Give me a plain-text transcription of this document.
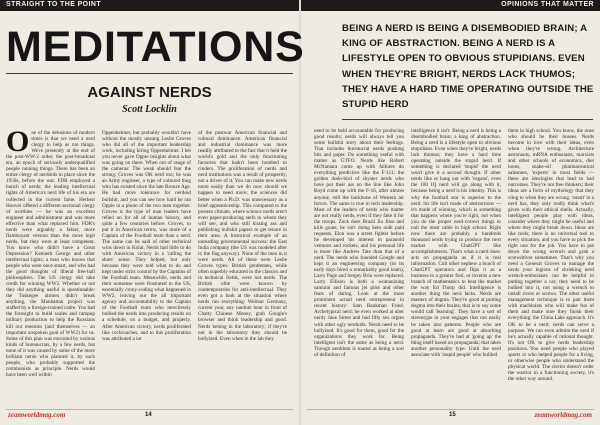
STRAIGHT TO THE POINT	OPINIONS THAT MATTER
MEDITATIONS
AGAINST NERDS
Scott Locklin
One of the delusions of modern times is that we need a nerd clergy to help us run things. We're presently at the end of the post-WW-2 order, the post-broadcast era, an epoch of seriously underqualified people running things. There has been an entire clergy of nerdoids in place since the 1950s, before the war. FDR employed a bunch of nerds; the leading intellectual lights of America's nerd life of his era are collected in the current fame. Herbert Hoover offered a different sectional clergy of worthies — he was an excellent engineer and administrator and was more effective than what replaced him. FDR's nerds were arguably a fakier, more flamboyant version than the more legit nerds, but they were at least competent. You know who didn't have a Great Depression? Kenneth George and other intellectual lights; a man who knows that people who were once smart, and who had the good thoughts of liberal free-ball philosophers. The US clergy did take credit for winning WW2. Whether or not they did anything useful is questionable: the Tuskegee airmen didn't break anything, the Manhattan project was staffed by a foreign-trained cadre. You had the foresight to build scales and rampup military production to help the Russians kill our enemies (and themselves — an important unspoken goal of WW2) for us. Some of this plan was executed by various kinds of bureaucrats, by a few nerds, but none of it was caused by some of the more brilliant nerds who planned it, by such people, who probably supported the communists as principle. Nerds would have been well within
Oppenheimer, but probably wouldn't have without the mostly unsung Leslie Groves who did all of the important leadership work, including hiring Oppenheimer. I bet you never gave Oppie insights about what was going on there. When out of range of the cameras: The weak should fear the strong. Groves was OK nerd too; he was an Army engineer, a type of cultured thug who has existed since the late Bronze Age. He had more tolerance for nerdoid bullshit, and you can see how hard he ran Oppie in a photo of the two men together. Groves is the type of man leaders have relied on for all of human history, and quite a few centuries before. Groves, to put it in American terms, was more of a Captain of the Football team than a nerd. The same can be said of other technical wins down in Kolat, Nerds had little to do with American victory in a 'calling the shots' sense. They helped, but only because they were told what to do and kept under strict control by the Captains of the Football team. Meanwhile, nerds and their nonsense were frustrated in the US, essentially crony-coding what happened in WW2, leaving out the all important agency and accountability to the Captain of the Football team who mercilessly bullied the nerds into producing results on a schedule, on a budget, and properly. After American victory, nerds proliferated like cockroaches, and to this proliferation was attributed a lot
of the postwar American financial and cultural dominance. American financial and industrial dominance was more readily attributed to the fact that it held the world's gold and the only functioning factories that hadn't been bombed to cinders. The proliferation of nerds and nerd institutions was a result of prosperity, not a driver of it. You can make new nerds more easily than we do now should we happen to need more; the sciences did better when a Ph.D. was unnecessary as a brief apprenticeship. This compared to the present climate, where science nerds aren't even paper-producing serfs to whom they will see, and who still kissing ass and publishing bullshit papers to get tenure in their area. A historical example of an unreading governmental success: the East India company (the US was modeled after it; the flag anyway). None of the men in it were nerds. All of these were Leslie Groves types: British gentlemen, while often superbly educated in the classics and in technical fields, were not nerds. The British elite were known by contemporaries for anti-intellectual. They even got a look at the situation where nerds run everything: Weimar Germany, current year, any random hour in front of Chatty Chinese Money, grab Google's browser and think leadership and good. Nerds belong in the laboratory; if they're not in the laboratory they should be bullyized. Even when in the lab they
BEING A NERD IS BEING A DISEMBODIED BRAIN; A KING OF ABSTRACTION. BEING A NERD IS A LIFESTYLE OPEN TO OBVIOUS STUPIDIANS. EVEN WHEN THEY'RE BRIGHT, NERDS LACK THUMOS; THEY HAVE A HARD TIME OPERATING OUTSIDE THE STUPID HERD
need to be held accountable for producing good results; nerds will always tell you some bullshit story about their feelings. That includes bureaucrat nerds pushing bits and paper. Do something useful with matter as GTFO. Nerds like Robert McNamara come up with failures do everything predictive like the F-111; the golden dodo-bird of shyster nerds who have put their ass on the line like John Boyd come up with the F-16, after almost anyone, still the backbone of Western air forces. The same is true in tech leadership. Most of the leaders of nerds who matter are not really nerds, even if they fake it for the troops. Zuck does Brazil Jiu Jitsu and kills goats; he isn't doing keto oolk paid requests. Elon was a street fighter before he developed his interest in paranoid ventures and rockets, and his personal life is more like Andrew Tate than that of a nerd. The nerds who founded Google and kept it an engineering company (in its early days hired a remarkably good team), Larry Page and Sergey Brin were replaced. Larry Ellison is both a womanizing samurai and famous jet pilot and other feats of daring. Look at the most prominent actual nerd entrepreneur in recent history: Sam Bankman Fried. Archetypical nerd; he even worked at uber nerdy Jane Street and had fifty sex orgies with other ugly nerdoids. Nerds need to be bullyized. It's good for them, good for the organizations they work for. Being intelligent isn't the same as being a nerd. Though nerddom is touted as being a sort of definition of
intelligence it isn't. Being a nerd is being a disembodied brain; a king of abstraction. Being a nerd is a lifestyle open to obvious stupidians. Even when they're bright, nerds lack thumos; they have a hard time operating outside the stupid herd. If something is declared 'stupid' the nerd won't give it a second thought. If other nerds like or hang out with 'vegans', even the 100 IQ nerd will go along with it, because being a nerd is his identity. This is why the football star is superior to the nerd: his life isn't made of abstractions — it's made of winning, which is something that happens where you're right, not when you do the proper nerd-correct things to nail the most cable in high school. Right now there are probably a hundreds thousand nerds trying to produce the next market with ChatGPT like accomplishments. That's what a nerd does: acts on propaganda as if it is real information. Cult other nephew a bunch of ChatGPT operators and flips it as a business to a greater fool, or invents a new branch of mathematics to beat the market the way Ed Thorp did. Intelligence is another thing the nerd lacks. Nerds are masters of dogma. They're good at putting dogma into their brains; that is to say some would call 'learning'. They have a sort of stereotype in your engages that can easily be taken into patterns. People who are good at learn are good at absorbing propaganda. They're bad at 'going up' the thing itself based on propaganda; that takes another personality type. Until the nerd associate with 'stupid people' who bullied
them in high school. You know, the ones who should be their bosses. Nerds become in love with their ideas, even when they're wrong. Architecture astronauts, mRNA enthusiasts, marxists and other schools of economics, diet loons, snake-oil pharmaceutical salesmen, 'experts' in most fields — these are ideologies that lead to bad outcomes. They're not free thinkers; their ideas are a form of mythology that they cling to when they are wrong. 'smart' in a nerd has, they only really think what's given with their ethical shells. Actually, intelligent people play with ideas, consider where they might be useful and where they might break down. Ideas are like tools; there is no universal tool to every situation, and you have to pick the right one for the job. You have to put down the wrong wrench and grab a screwdriver sometimes. That's why you need a General Groves to manage the nerds your legions of shrieking nerd wrench-enthusiasts can be helpful in putting together a car; they need to be bullied into it, not using a wrench to install rivets or screws. The other useful management technique is to pair them with machinists who will make fun of them and make sure they finish their everything: the China Lake approach. It's OK to be a nerd; nerds can serve a purpose. We can even admire the nerd if he's actually capable of rational thought. It's not OK to give nerds leadership positions. You need people who played sports or who helped people for a living, or otherwise people who understand the physical world. The clerics doesn't order the warrior in a functioning society, it's the other way around.
zeamworldmag.com	14	15	zeamworldmag.com
